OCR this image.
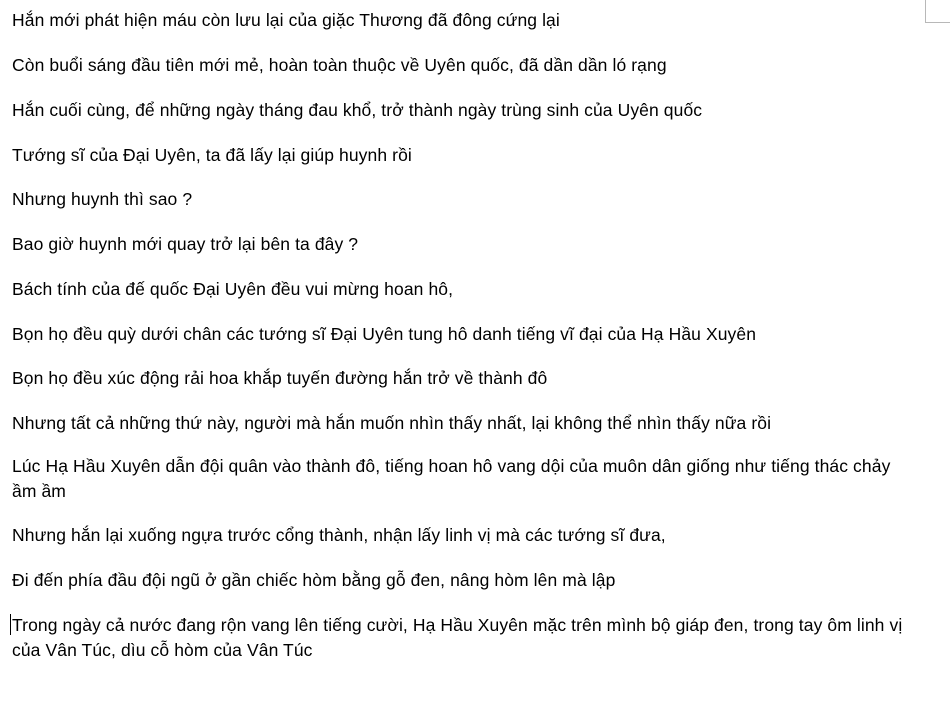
Hắn mới phát hiện máu còn lưu lại của giặc Thương đã đông cứng lại

Còn buổi sáng đầu tiên mới mẻ, hoàn toàn thuộc về Uyên quốc, đã dần dần ló rạng

Hắn cuối cùng, để những ngày tháng đau khổ, trở thành ngày trùng sinh của Uyên quốc

Tướng sĩ của Đại Uyên, ta đã lấy lại giúp huynh rồi

Nhưng huynh thì sao ?

Bao giờ huynh mới quay trở lại bên ta đây ?

Bách tính của đế quốc Đại Uyên đều vui mừng hoan hô,

Bọn họ đều quỳ dưới chân các tướng sĩ Đại Uyên tung hô danh tiếng vĩ đại của Hạ Hầu Xuyên

Bọn họ đều xúc động rải hoa khắp tuyến đường hắn trở về thành đô

Nhưng tất cả những thứ này, người mà hắn muốn nhìn thấy nhất, lại không thể nhìn thấy nữa rồi

Lúc Hạ Hầu Xuyên dẫn đội quân vào thành đô, tiếng hoan hô vang dội của muôn dân giống như tiếng thác chảy ầm ầm

Nhưng hắn lại xuống ngựa trước cổng thành, nhận lấy linh vị mà các tướng sĩ đưa,

Đi đến phía đầu đội ngũ ở gần chiếc hòm bằng gỗ đen, nâng hòm lên mà lập

Trong ngày cả nước đang rộn vang lên tiếng cười, Hạ Hầu Xuyên mặc trên mình bộ giáp đen, trong tay ôm linh vị của Vân Túc, dìu cỗ hòm của Vân Túc
